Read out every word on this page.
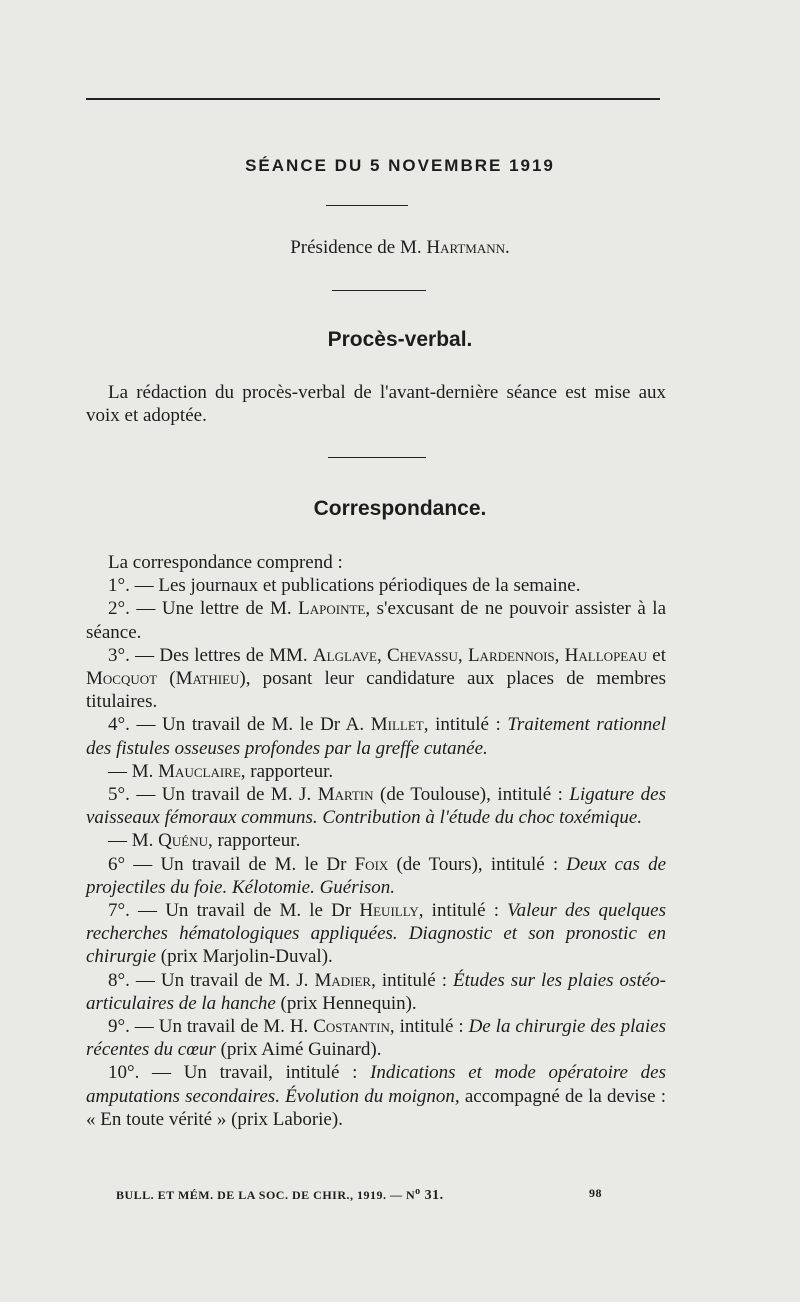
SÉANCE DU 5 NOVEMBRE 1919
Présidence de M. Hartmann.
Procès-verbal.
La rédaction du procès-verbal de l'avant-dernière séance est mise aux voix et adoptée.
Correspondance.

La correspondance comprend :

1°. — Les journaux et publications périodiques de la semaine.

2°. — Une lettre de M. Lapointe, s'excusant de ne pouvoir assister à la séance.

3°. — Des lettres de MM. Alglave, Chevassu, Lardennois, Hallopeau et Mocquot (Mathieu), posant leur candidature aux places de membres titulaires.

4°. — Un travail de M. le Dr A. Millet, intitulé : Traitement rationnel des fistules osseuses profondes par la greffe cutanée.

— M. Mauclaire, rapporteur.

5°. — Un travail de M. J. Martin (de Toulouse), intitulé : Ligature des vaisseaux fémoraux communs. Contribution à l'étude du choc toxémique.

— M. Quénu, rapporteur.

6° — Un travail de M. le Dr Foix (de Tours), intitulé : Deux cas de projectiles du foie. Kélotomie. Guérison.

7°. — Un travail de M. le Dr Heuilly, intitulé : Valeur des quelques recherches hématologiques appliquées. Diagnostic et son pronostic en chirurgie (prix Marjolin-Duval).

8°. — Un travail de M. J. Madier, intitulé : Études sur les plaies ostéo-articulaires de la hanche (prix Hennequin).

9°. — Un travail de M. H. Costantin, intitulé : De la chirurgie des plaies récentes du cœur (prix Aimé Guinard).

10°. — Un travail, intitulé : Indications et mode opératoire des amputations secondaires. Évolution du moignon, accompagné de la devise : « En toute vérité » (prix Laborie).

BULL. ET MÉM. DE LA SOC. DE CHIR., 1919. — $N^o$ 31.	98
